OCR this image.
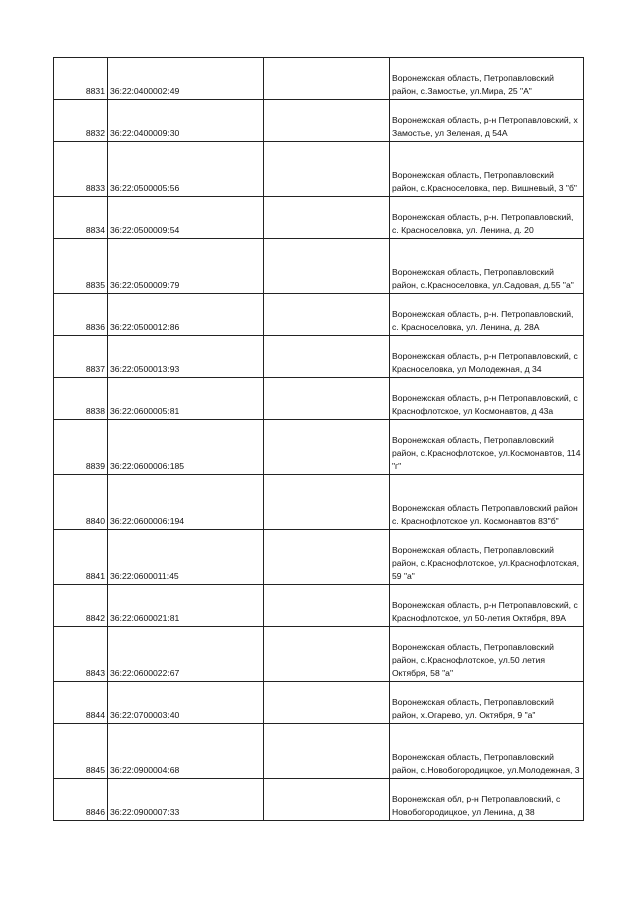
8831	36:22:0400002:49		Воронежская область, Петропавловский район, с.Замостье, ул.Мира, 25 "А"
8832	36:22:0400009:30		Воронежская область, р-н Петропавловский, х Замостье, ул Зеленая, д 54А
8833	36:22:0500005:56		Воронежская область, Петропавловский район, с.Красноселовка, пер. Вишневый, 3 "б"
8834	36:22:0500009:54		Воронежская область, р-н. Петропавловский, с. Красноселовка, ул. Ленина, д. 20
8835	36:22:0500009:79		Воронежская область, Петропавловский район, с.Красноселовка, ул.Садовая, д.55 "а"
8836	36:22:0500012:86		Воронежская область, р-н. Петропавловский, с. Красноселовка, ул. Ленина, д. 28А
8837	36:22:0500013:93		Воронежская область, р-н Петропавловский, с Красноселовка, ул Молодежная, д 34
8838	36:22:0600005:81		Воронежская область, р-н Петропавловский, с Краснофлотское, ул Космонавтов, д 43а
8839	36:22:0600006:185		Воронежская область, Петропавловский район, с.Краснофлотское, ул.Космонавтов, 114 "г"
8840	36:22:0600006:194		Воронежская область Петропавловский район с. Краснофлотское ул. Космонавтов 83"б"
8841	36:22:0600011:45		Воронежская область, Петропавловский район, с.Краснофлотское, ул.Краснофлотская, 59 "а"
8842	36:22:0600021:81		Воронежская область, р-н Петропавловский, с Краснофлотское, ул 50-летия Октября, 89А
8843	36:22:0600022:67		Воронежская область, Петропавловский район, с.Краснофлотское, ул.50 летия Октября, 58 "а"
8844	36:22:0700003:40		Воронежская область, Петропавловский район, х.Огарево, ул. Октября, 9 "а"
8845	36:22:0900004:68		Воронежская область, Петропавловский район, с.Новобогородицкое, ул.Молодежная, 3
8846	36:22:0900007:33		Воронежская обл, р-н Петропавловский, с Новобогородицкое, ул Ленина, д 38
